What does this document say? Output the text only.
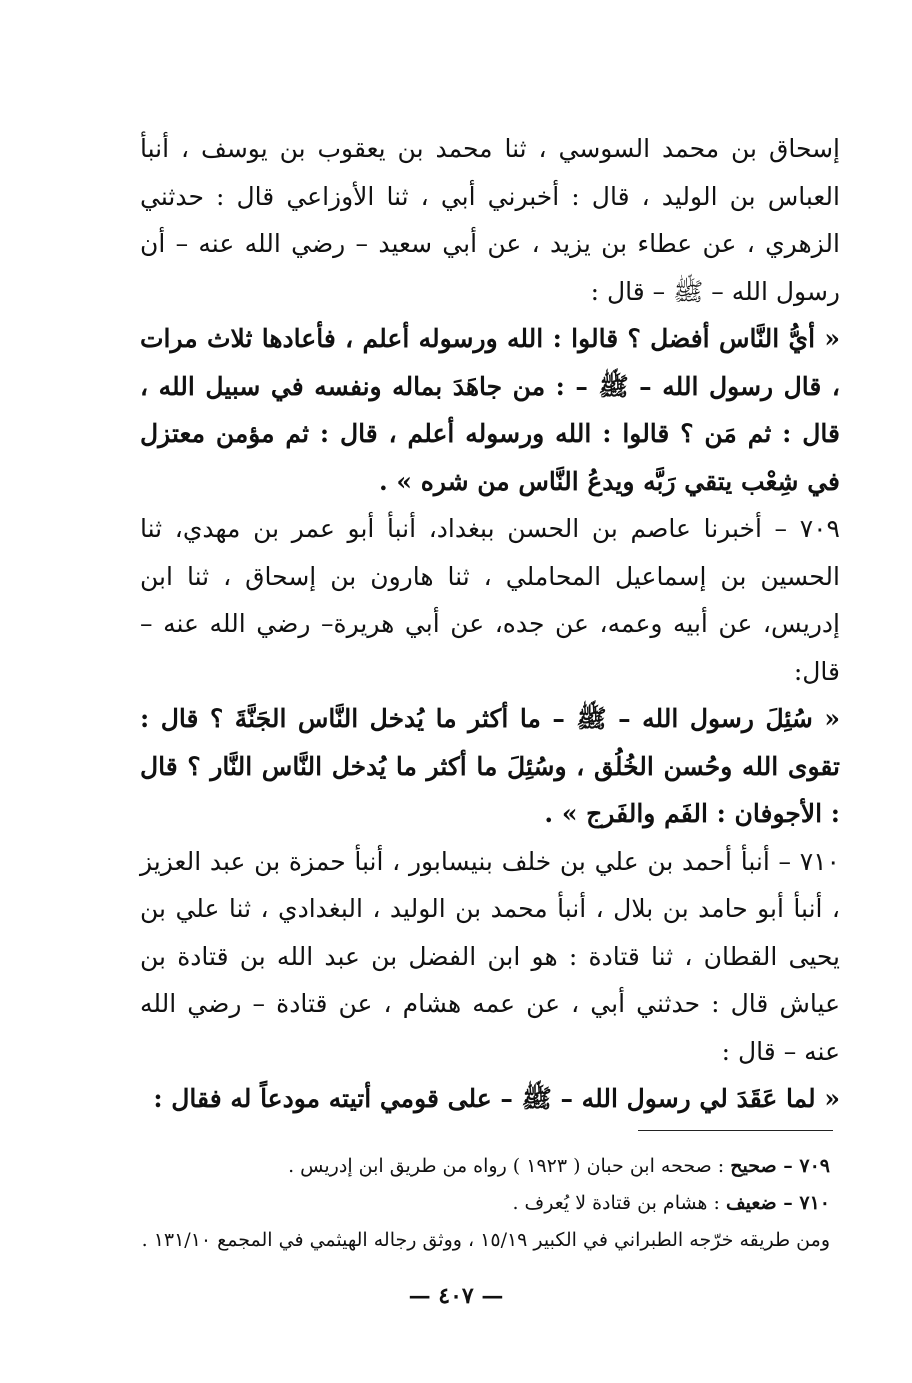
إسحاق بن محمد السوسي ، ثنا محمد بن يعقوب بن يوسف ، أنبأ العباس بن الوليد ، قال : أخبرني أبي ، ثنا الأوزاعي قال : حدثني الزهري ، عن عطاء بن يزيد ، عن أبي سعيد – رضي الله عنه – أن رسول الله – ﷺ – قال :

« أيُّ النَّاس أفضل ؟ قالوا : الله ورسوله أعلم ، فأعادها ثلاث مرات ، قال رسول الله – ﷺ – : من جاهَدَ بماله ونفسه في سبيل الله ، قال : ثم مَن ؟ قالوا : الله ورسوله أعلم ، قال : ثم مؤمن معتزل في شِعْب يتقي رَبَّه ويدعُ النَّاس من شره » .

٧٠٩ – أخبرنا عاصم بن الحسن ببغداد، أنبأ أبو عمر بن مهدي، ثنا الحسين بن إسماعيل المحاملي ، ثنا هارون بن إسحاق ، ثنا ابن إدريس، عن أبيه وعمه، عن جده، عن أبي هريرة– رضي الله عنه – قال:

« سُئِلَ رسول الله – ﷺ – ما أكثر ما يُدخل النَّاس الجَنَّةَ ؟ قال : تقوى الله وحُسن الخُلُق ، وسُئِلَ ما أكثر ما يُدخل النَّاس النَّار ؟ قال : الأجوفان : الفَم والفَرج » .

٧١٠ – أنبأ أحمد بن علي بن خلف بنيسابور ، أنبأ حمزة بن عبد العزيز ، أنبأ أبو حامد بن بلال ، أنبأ محمد بن الوليد ، البغدادي ، ثنا علي بن يحيى القطان ، ثنا قتادة : هو ابن الفضل بن عبد الله بن قتادة بن عياش قال : حدثني أبي ، عن عمه هشام ، عن قتادة – رضي الله عنه – قال :

« لما عَقَدَ لي رسول الله – ﷺ – على قومي أتيته مودعاً له فقال :

٧٠٩ – صحيح : صححه ابن حبان ( ١٩٢٣ ) رواه من طريق ابن إدريس .

٧١٠ – ضعيف : هشام بن قتادة لا يُعرف .

ومن طريقه خرّجه الطبراني في الكبير ١٥/١٩ ، ووثق رجاله الهيثمي في المجمع ١٣١/١٠ .

— ٤٠٧ —
